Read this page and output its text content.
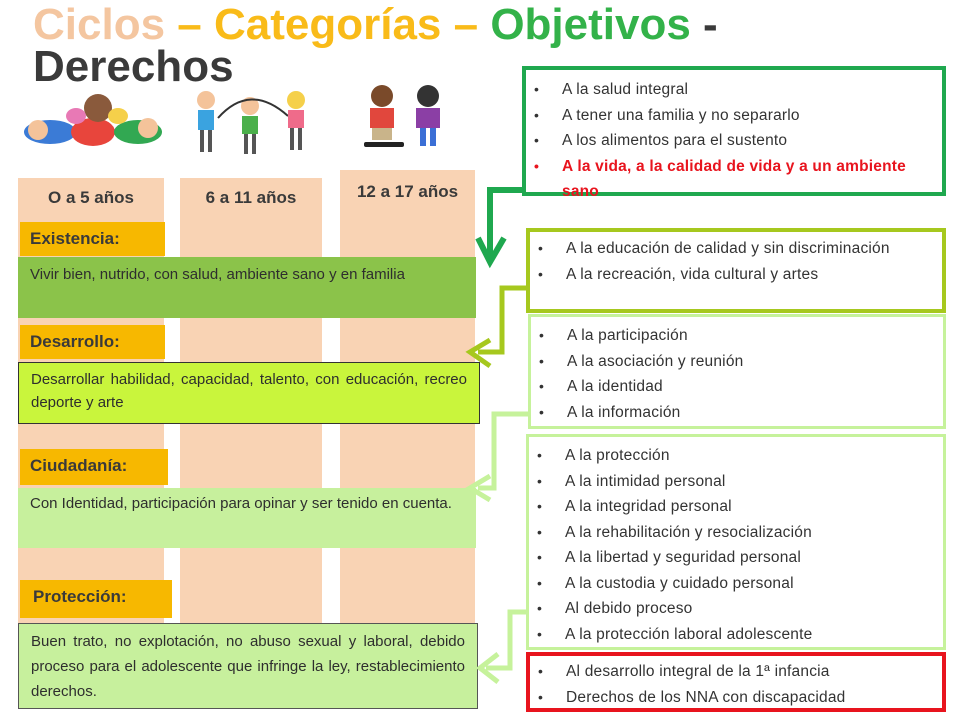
Ciclos – Categorías – Objetivos -
Derechos
O a 5 años	6 a 11 años	12 a 17 años
Existencia:
Desarrollo:
Ciudadanía:
Protección:
Vivir bien, nutrido, con salud, ambiente sano y en familia
Desarrollar habilidad, capacidad, talento, con educación, recreo deporte y arte
Con Identidad, participación para opinar y ser tenido en cuenta.
Buen trato, no explotación, no abuso sexual y laboral, debido proceso para el adolescente que infringe la ley, restablecimiento derechos.
• A la salud integral
• A tener una familia y no separarlo
• A los alimentos para el sustento
• A la vida, a la calidad de vida y a un ambiente sano
• A la educación de calidad y sin discriminación
• A la recreación, vida cultural y artes
• A la participación
• A la asociación y reunión
• A la identidad
• A la información
• A la protección
• A la intimidad personal
• A la integridad personal
• A la rehabilitación y resocialización
• A la libertad y seguridad personal
• A la custodia y cuidado personal
• Al debido proceso
• A la protección laboral adolescente
• Al desarrollo integral de la 1ª infancia
• Derechos de los NNA con discapacidad
